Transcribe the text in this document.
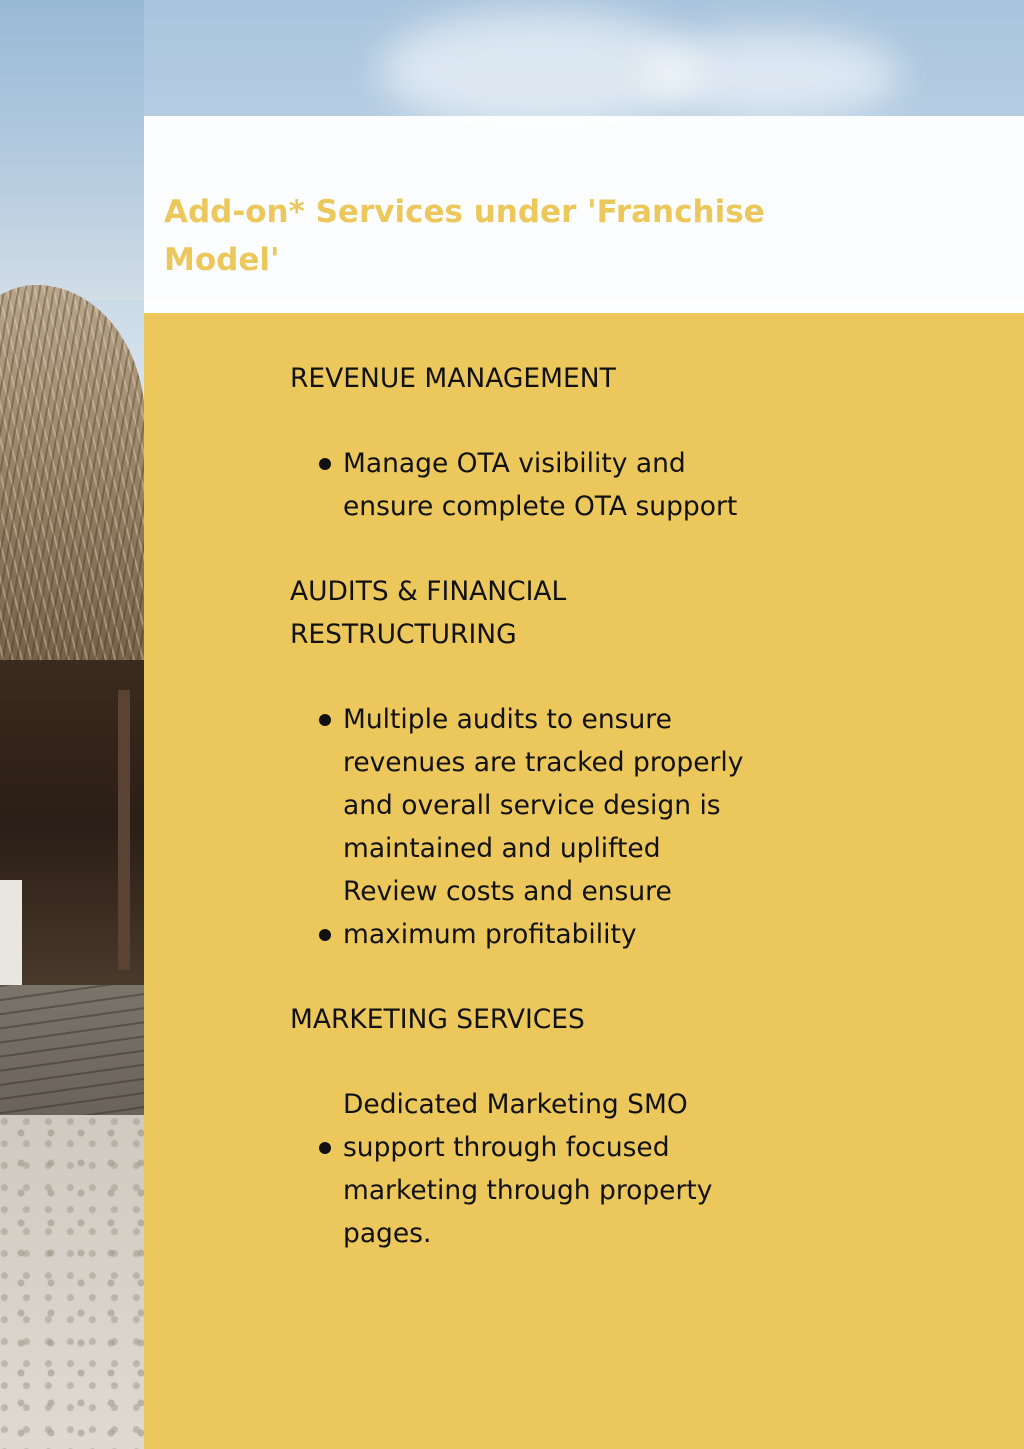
Add-on* Services under 'Franchise
Model'
REVENUE MANAGEMENT
Manage OTA visibility and
ensure complete OTA support
AUDITS & FINANCIAL
RESTRUCTURING
Multiple audits to ensure
revenues are tracked properly
and overall service design is
maintained and uplifted
Review costs and ensure
maximum profitability
MARKETING SERVICES
Dedicated Marketing SMO
support through focused
marketing through property
pages.
